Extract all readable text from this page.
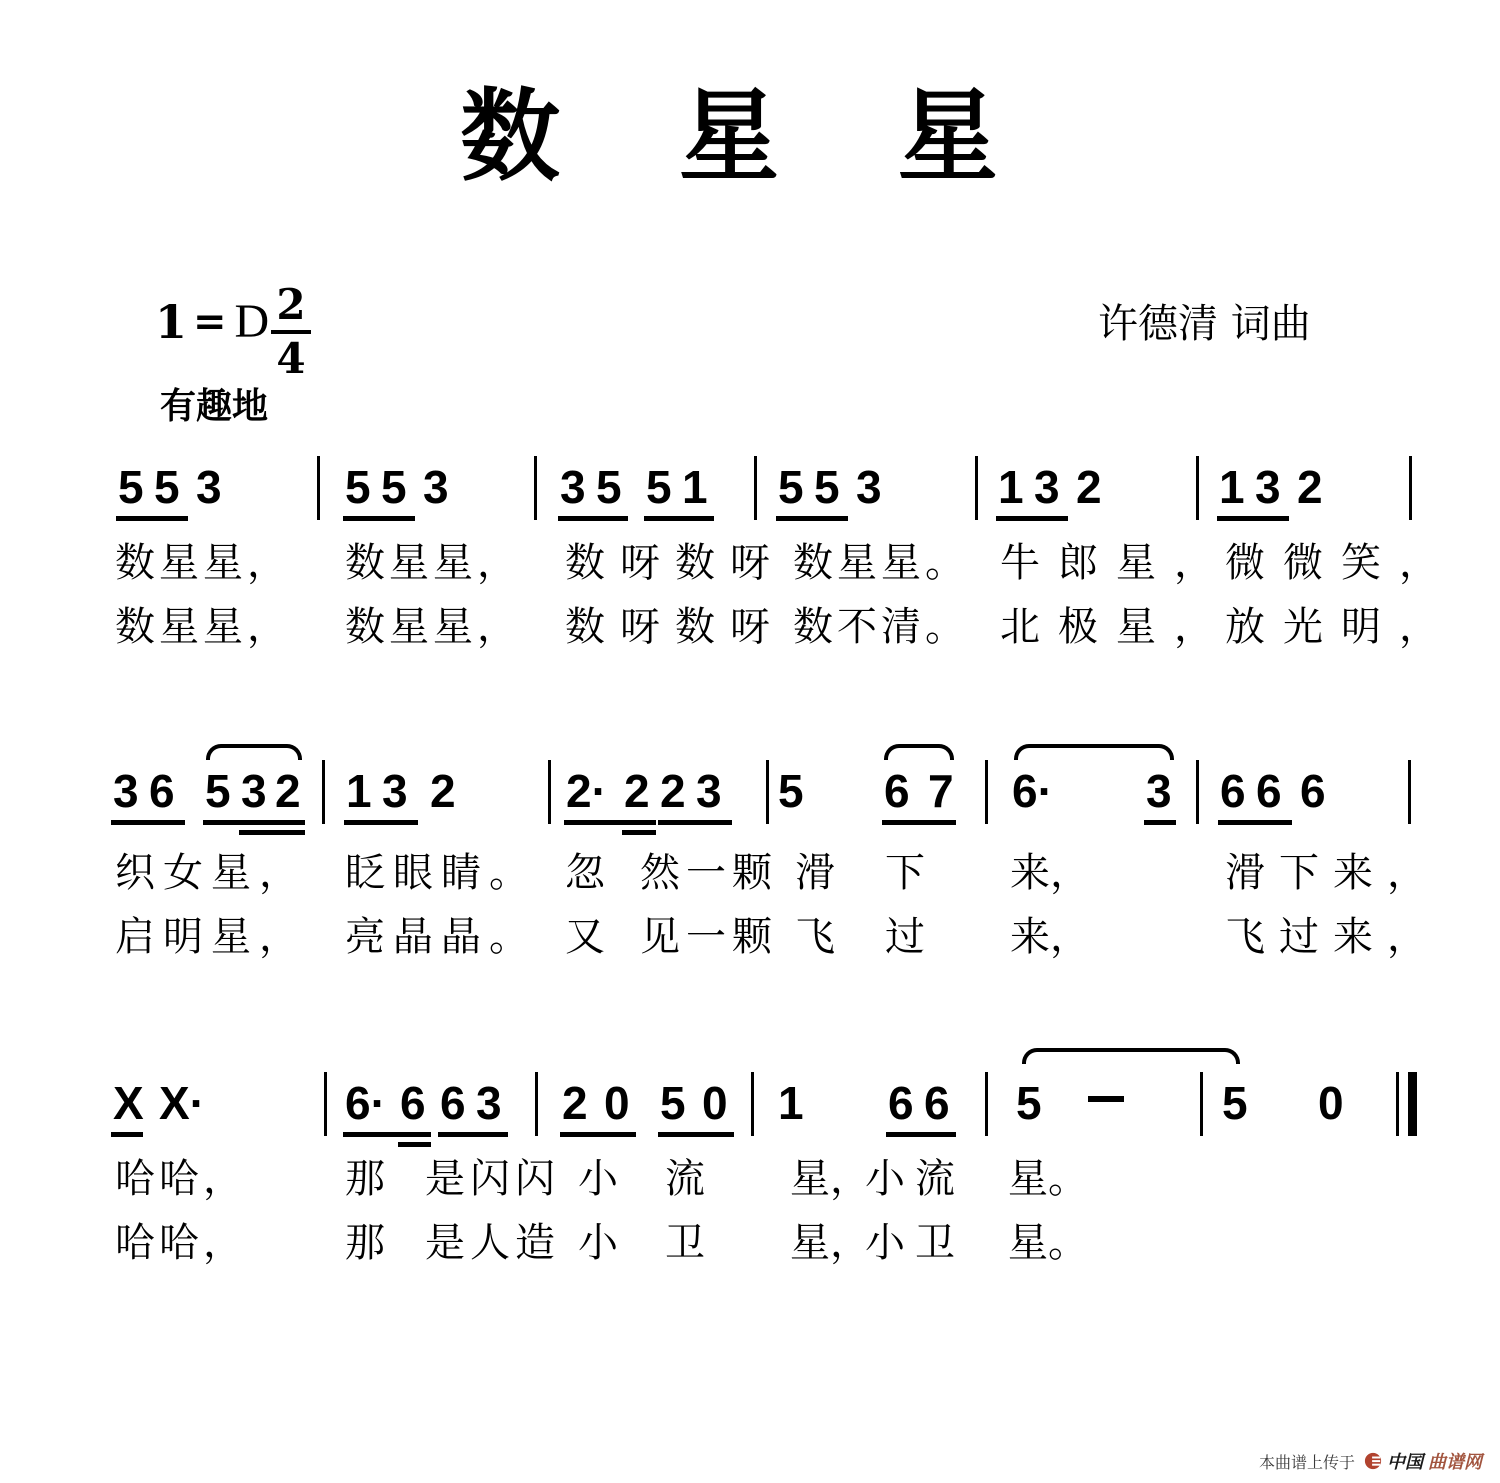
数 星 星
1 = D 2
4
有趣地
许德清 词曲
5 5 3	5 5 3 3 5 5 1 5 5 3	1 3 2	1 3 2
数星星， 数星星， 数呀数呀 数星星。 牛郎星，
微微笑，
数星星， 数星星， 数呀数呀 数不清。 北极星，
放光明，
3 6 5 3 2 1 3 2 2· 2 2 3 5 6 7 6· 3 6 6 6
织女星， 眨眼睛。 忽 然一颗 滑 下 来，	滑下来，
启明星， 亮晶晶。 又 见一颗 飞 过 来，	飞过来，
X X·	6· 6 6 3 2 0 5 0 1 6 6 5	5 0
哈哈， 那 是闪闪 小 流 星，
小流 星。
哈哈， 那 是人造 小 卫 星，
小卫 星。
本曲谱上传于 中国 曲谱网
